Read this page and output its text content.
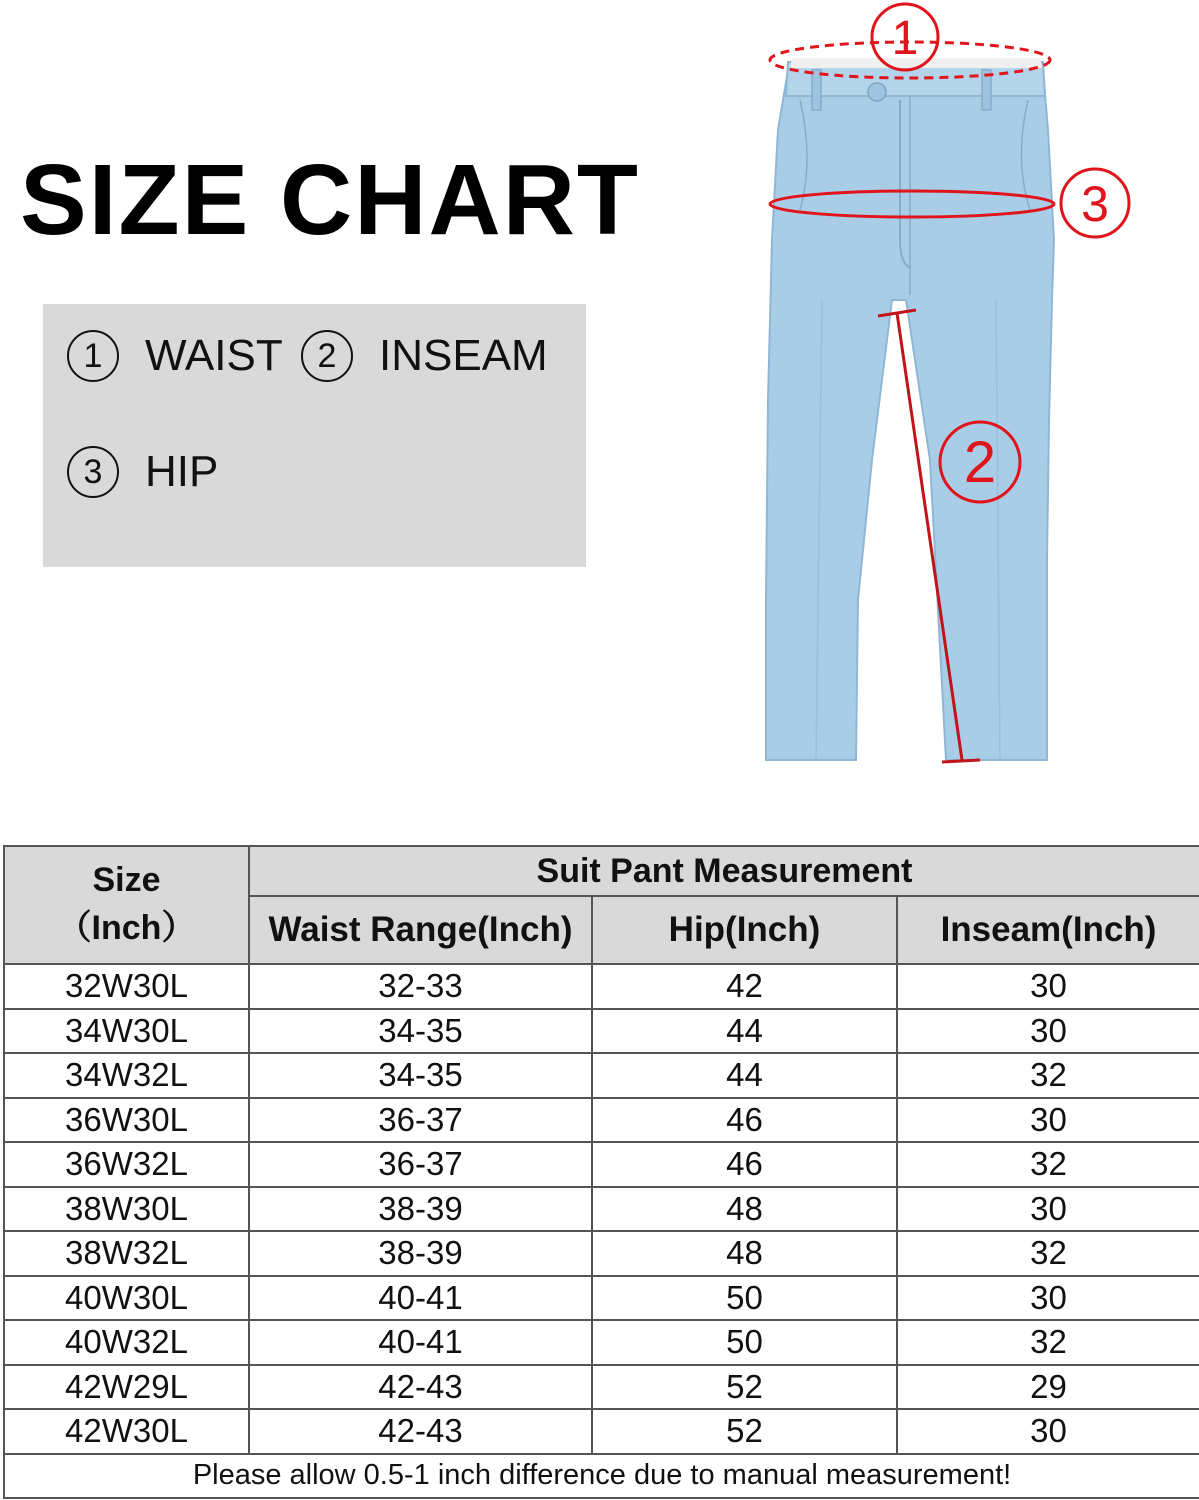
SIZE CHART
1 WAIST	2 INSEAM
3 HIP
1
3
2
Size
（Inch）	Suit Pant Measurement		
	Waist Range(Inch)	Hip(Inch)	Inseam(Inch)
32W30L	32-33	42	30
34W30L	34-35	44	30
34W32L	34-35	44	32
36W30L	36-37	46	30
36W32L	36-37	46	32
38W30L	38-39	48	30
38W32L	38-39	48	32
40W30L	40-41	50	30
40W32L	40-41	50	32
42W29L	42-43	52	29
42W30L	42-43	52	30
Please allow 0.5-1 inch difference due to manual measurement!			
